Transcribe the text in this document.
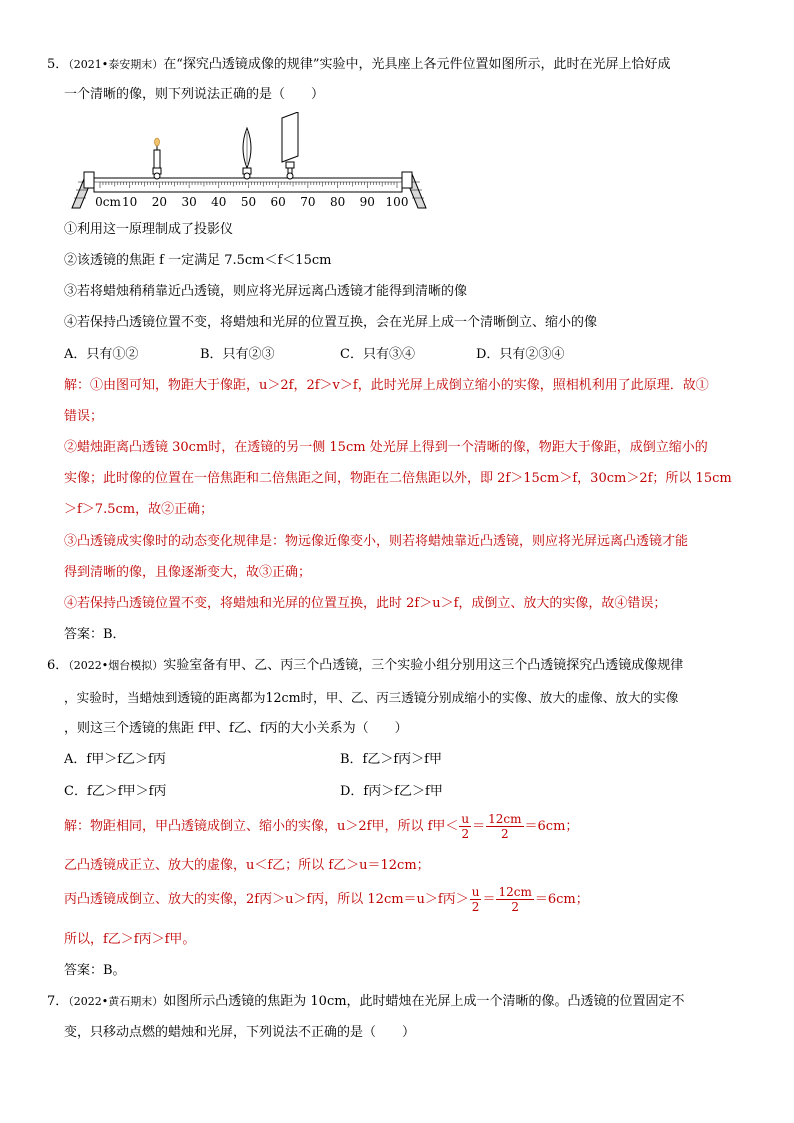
5．（2021•泰安期末）在“探究凸透镜成像的规律”实验中，光具座上各元件位置如图所示，此时在光屏上恰好成
一个清晰的像，则下列说法正确的是（　　）
0cm 10 20 30 40 50 60 70 80 90 100
①利用这一原理制成了投影仪
②该透镜的焦距 f 一定满足 7.5cm＜f＜15cm
③若将蜡烛稍稍靠近凸透镜，则应将光屏远离凸透镜才能得到清晰的像
④若保持凸透镜位置不变，将蜡烛和光屏的位置互换，会在光屏上成一个清晰倒立、缩小的像
A．只有①②	B．只有②③	C．只有③④	D．只有②③④
解：①由图可知，物距大于像距，u＞2f，2f＞v＞f，此时光屏上成倒立缩小的实像，照相机利用了此原理．故①
错误；
②蜡烛距离凸透镜 30cm时，在透镜的另一侧 15cm 处光屏上得到一个清晰的像，物距大于像距，成倒立缩小的
实像；此时像的位置在一倍焦距和二倍焦距之间，物距在二倍焦距以外，即 2f＞15cm＞f，30cm＞2f；所以 15cm
＞f＞7.5cm，故②正确；
③凸透镜成实像时的动态变化规律是：物远像近像变小，则若将蜡烛靠近凸透镜，则应将光屏远离凸透镜才能
得到清晰的像，且像逐渐变大，故③正确；
④若保持凸透镜位置不变，将蜡烛和光屏的位置互换，此时 2f＞u＞f，成倒立、放大的实像，故④错误；
答案：B．
6．（2022•烟台模拟）实验室备有甲、乙、丙三个凸透镜，三个实验小组分别用这三个凸透镜探究凸透镜成像规律
，实验时，当蜡烛到透镜的距离都为12cm时，甲、乙、丙三透镜分别成缩小的实像、放大的虚像、放大的实像
，则这三个透镜的焦距 f甲、f乙、f丙的大小关系为（　　）
A．f甲＞f乙＞f丙	B．f乙＞f丙＞f甲
C．f乙＞f甲＞f丙	D．f丙＞f乙＞f甲
解：物距相同，甲凸透镜成倒立、缩小的实像，u＞2f甲，所以 f甲＜ $\frac{u}{2} = \frac{12cm}{2} =6cm$；
乙凸透镜成正立、放大的虚像，u＜f乙；所以 f乙＞u＝12cm；
丙凸透镜成倒立、放大的实像，2f丙＞u＞f丙，所以 12cm＝u＞f丙＞ $\frac{u}{2} = \frac{12cm}{2} =6cm$；
所以，f乙＞f丙＞f甲。
答案：B。
7．（2022•黄石期末）如图所示凸透镜的焦距为 10cm，此时蜡烛在光屏上成一个清晰的像。凸透镜的位置固定不
变，只移动点燃的蜡烛和光屏，下列说法不正确的是（　　）
